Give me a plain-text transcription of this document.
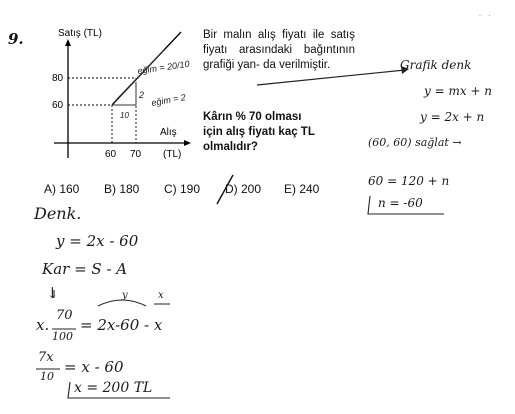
9.	Satış (TL)
80
60
60 70
Alış
(TL)
eğim = 20/10
2
10
eğim = 2
Bir malın alış fiyatı ile satış fiyatı arasındaki bağıntının grafiği yan- da verilmiştir.
Kârın % 70 olması için alış fiyatı kaç TL olmalıdır?
A) 160 B) 180 C) 190 D) 200 E) 240
Grafik denk
y = mx + n
y = 2x + n
(60, 60) sağlat →
60 = 120 + n
n = -60
Denk.
y = 2x - 60
Kar = S - A
↓	y	x
x.
70
100
= 2x-60 - x
7x
10
= x - 60
x = 200 TL
· ·
